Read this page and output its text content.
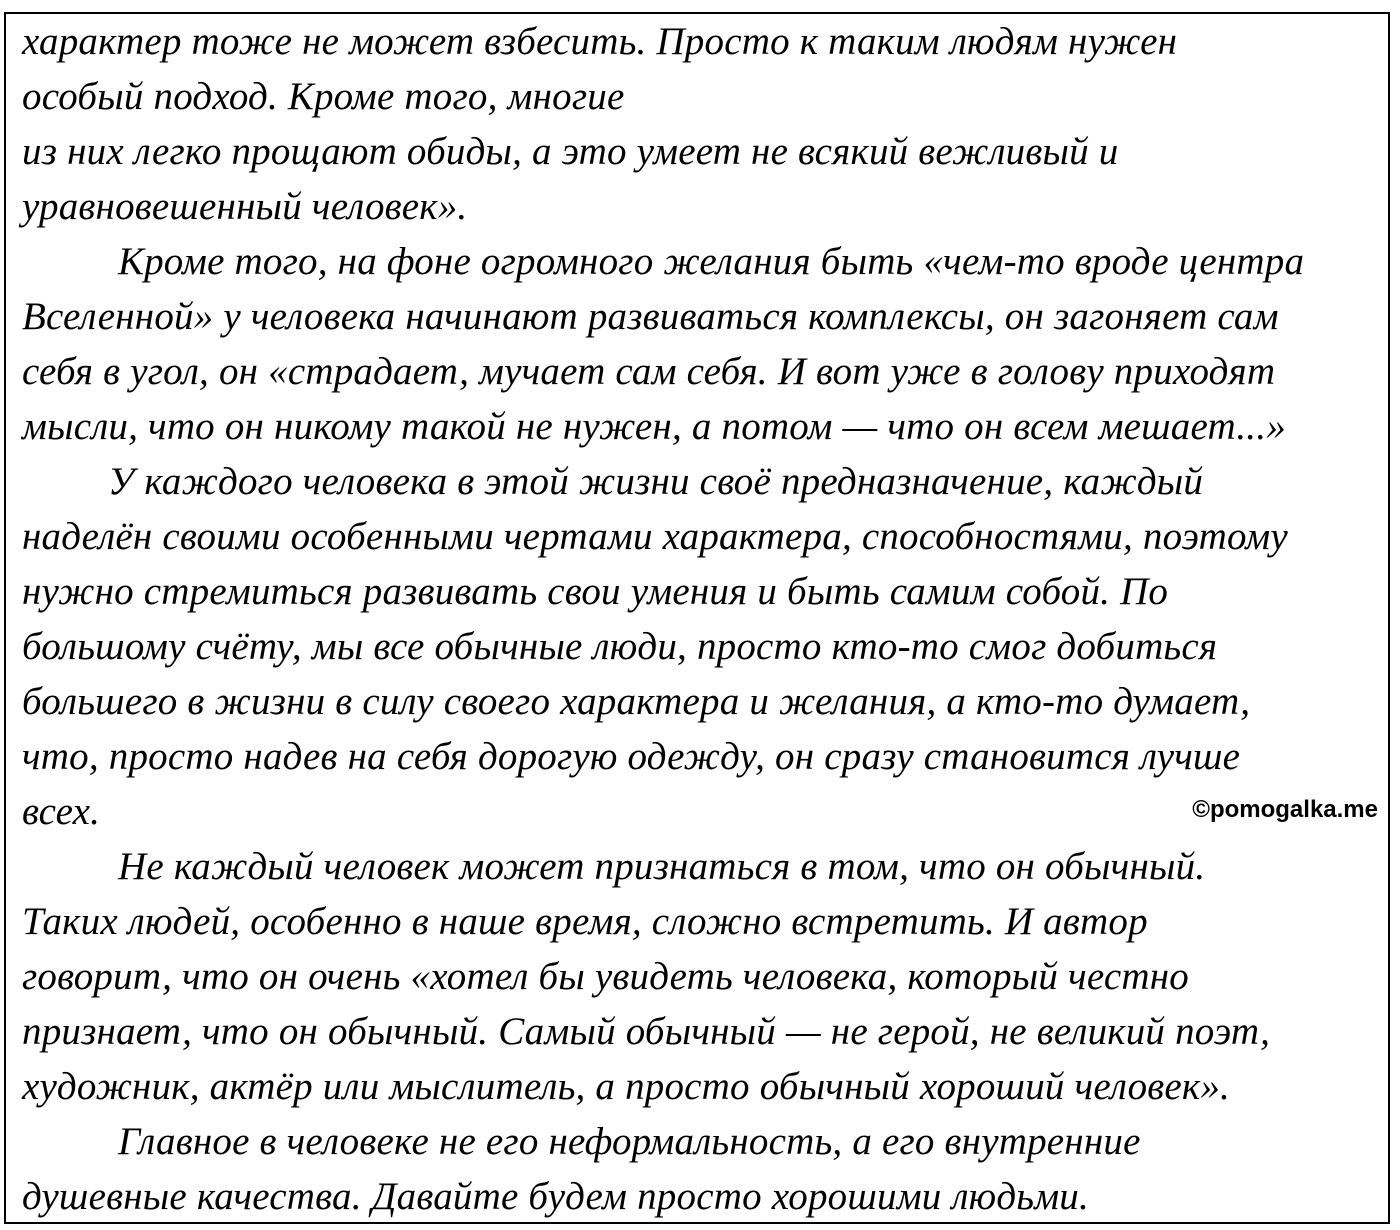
характер тоже не может взбесить. Просто к таким людям нужен
особый подход. Кроме того, многие
из них легко прощают обиды, а это умеет не всякий вежливый и
уравновешенный человек».
Кроме того, на фоне огромного желания быть «чем-то вроде центра
Вселенной» у человека начинают развиваться комплексы, он загоняет сам
себя в угол, он «страдает, мучает сам себя. И вот уже в голову приходят
мысли, что он никому такой не нужен, а потом — что он всем мешает...»
У каждого человека в этой жизни своё предназначение, каждый
наделён своими особенными чертами характера, способностями, поэтому
нужно стремиться развивать свои умения и быть самим собой. По
большому счёту, мы все обычные люди, просто кто-то смог добиться
большего в жизни в силу своего характера и желания, а кто-то думает,
что, просто надев на себя дорогую одежду, он сразу становится лучше
всех.
Не каждый человек может признаться в том, что он обычный.
Таких людей, особенно в наше время, сложно встретить. И автор
говорит, что он очень «хотел бы увидеть человека, который честно
признает, что он обычный. Самый обычный — не герой, не великий поэт,
художник, актёр или мыслитель, а просто обычный хороший человек».
Главное в человеке не его неформальность, а его внутренние
душевные качества. Давайте будем просто хорошими людьми.
©pomogalka.me
